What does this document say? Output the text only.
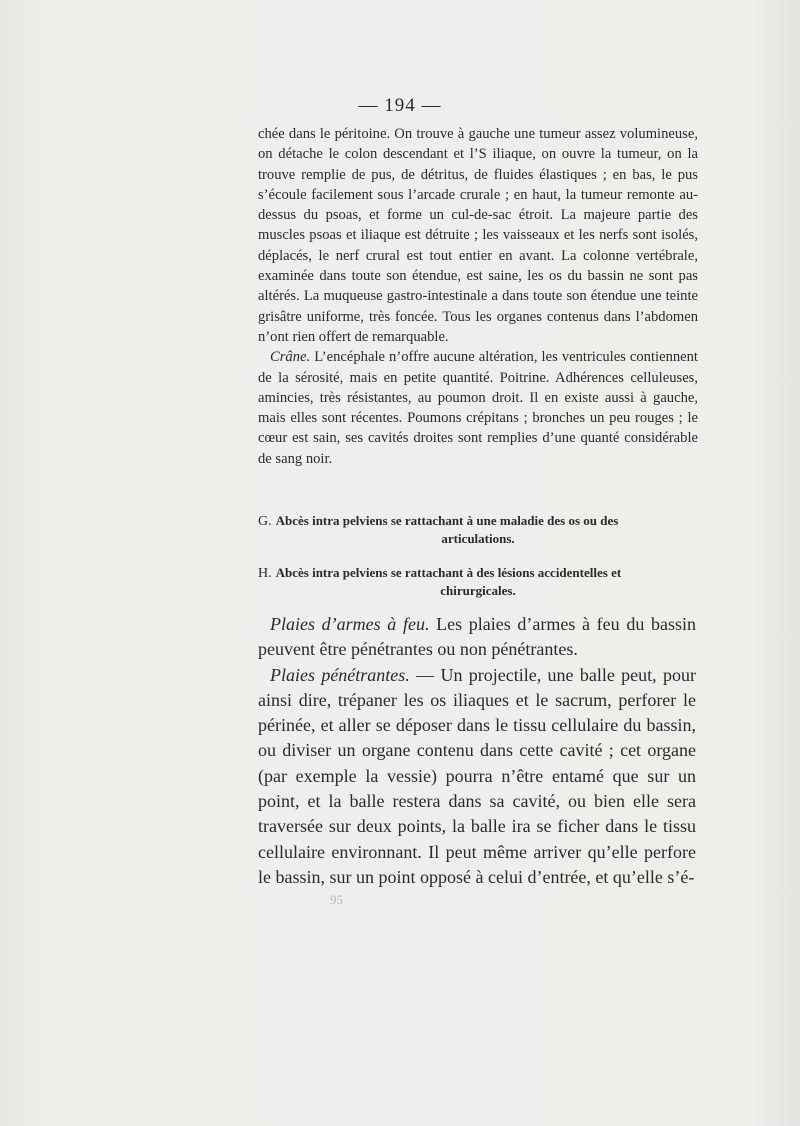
— 194 —

chée dans le péritoine. On trouve à gauche une tumeur assez volumineuse, on détache le colon descendant et l’S iliaque, on ouvre la tumeur, on la trouve remplie de pus, de détritus, de fluides élastiques ; en bas, le pus s’écoule facilement sous l’arcade crurale ; en haut, la tumeur remonte au-dessus du psoas, et forme un cul-de-sac étroit. La majeure partie des muscles psoas et iliaque est détruite ; les vaisseaux et les nerfs sont isolés, déplacés, le nerf crural est tout entier en avant. La colonne vertébrale, examinée dans toute son étendue, est saine, les os du bassin ne sont pas altérés. La muqueuse gastro-intestinale a dans toute son étendue une teinte grisâtre uniforme, très foncée. Tous les organes contenus dans l’abdomen n’ont rien offert de remarquable.

Crâne. L’encéphale n’offre aucune altération, les ventricules contiennent de la sérosité, mais en petite quantité. Poitrine. Adhérences celluleuses, amincies, très résistantes, au poumon droit. Il en existe aussi à gauche, mais elles sont récentes. Poumons crépitans ; bronches un peu rouges ; le cœur est sain, ses cavités droites sont remplies d’une quanté considérable de sang noir.

G. Abcès intra pelviens se rattachant à une maladie des os ou des
articulations.
H. Abcès intra pelviens se rattachant à des lésions accidentelles et
chirurgicales.

Plaies d’armes à feu. Les plaies d’armes à feu du bassin peuvent être pénétrantes ou non pénétrantes.

Plaies pénétrantes. — Un projectile, une balle peut, pour ainsi dire, trépaner les os iliaques et le sacrum, perforer le périnée, et aller se déposer dans le tissu cellulaire du bassin, ou diviser un organe contenu dans cette cavité ; cet organe (par exemple la vessie) pourra n’être entamé que sur un point, et la balle restera dans sa cavité, ou bien elle sera traversée sur deux points, la balle ira se ficher dans le tissu cellulaire environnant. Il peut même arriver qu’elle perfore le bassin, sur un point opposé à celui d’entrée, et qu’elle s’é-

95
